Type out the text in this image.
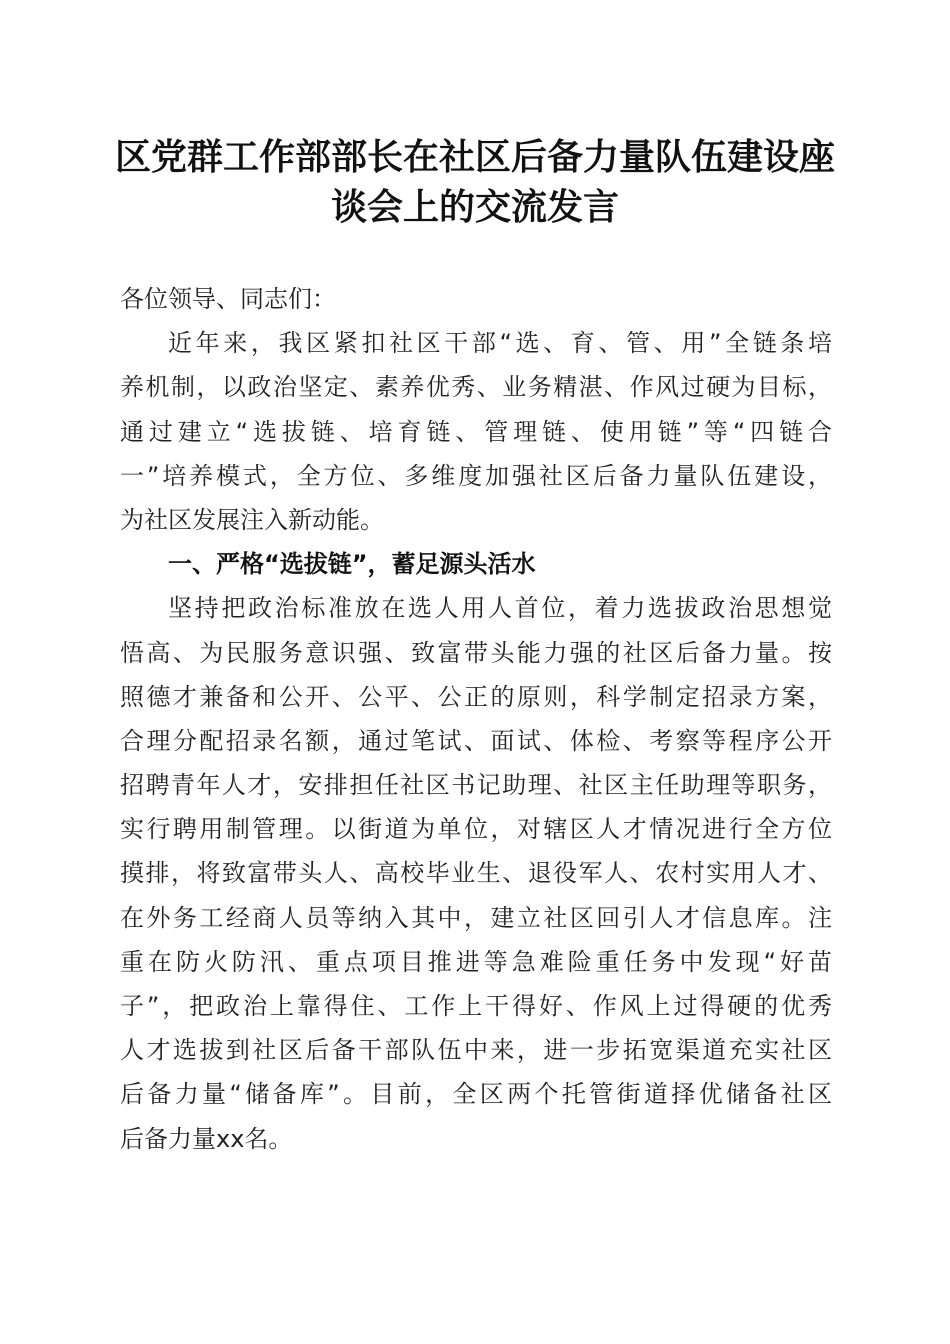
区党群工作部部长在社区后备力量队伍建设座
谈会上的交流发言
各位领导、同志们：
近年来，我区紧扣社区干部“选、育、管、用”全链条培
养机制，以政治坚定、素养优秀、业务精湛、作风过硬为目标，
通过建立“选拔链、培育链、管理链、使用链”等“四链合
一”培养模式，全方位、多维度加强社区后备力量队伍建设，
为社区发展注入新动能。
一、严格“选拔链”，蓄足源头活水
坚持把政治标准放在选人用人首位，着力选拔政治思想觉
悟高、为民服务意识强、致富带头能力强的社区后备力量。按
照德才兼备和公开、公平、公正的原则，科学制定招录方案，
合理分配招录名额，通过笔试、面试、体检、考察等程序公开
招聘青年人才，安排担任社区书记助理、社区主任助理等职务，
实行聘用制管理。以街道为单位，对辖区人才情况进行全方位
摸排，将致富带头人、高校毕业生、退役军人、农村实用人才、
在外务工经商人员等纳入其中，建立社区回引人才信息库。注
重在防火防汛、重点项目推进等急难险重任务中发现“好苗
子”，把政治上靠得住、工作上干得好、作风上过得硬的优秀
人才选拔到社区后备干部队伍中来，进一步拓宽渠道充实社区
后备力量“储备库”。目前，全区两个托管街道择优储备社区
后备力量xx名。
